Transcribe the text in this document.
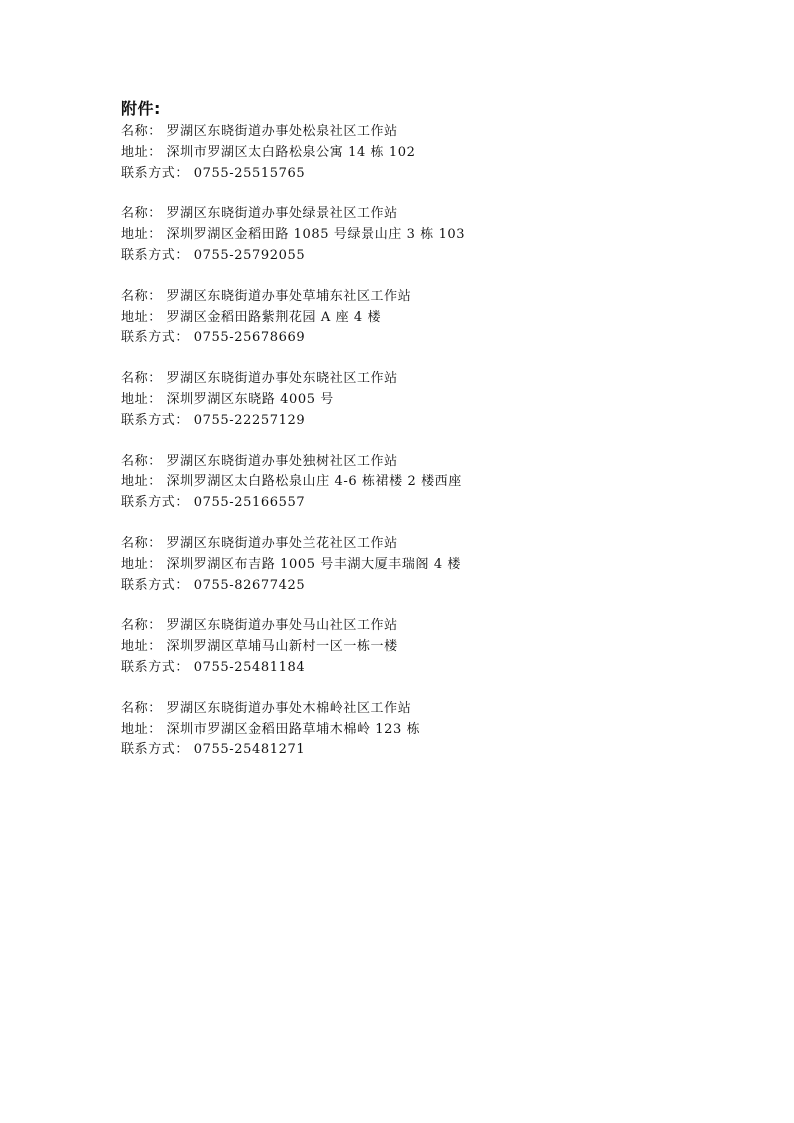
附件:
名称： 罗湖区东晓街道办事处松泉社区工作站
地址： 深圳市罗湖区太白路松泉公寓 14 栋 102
联系方式： 0755-25515765
名称： 罗湖区东晓街道办事处绿景社区工作站
地址： 深圳罗湖区金稻田路 1085 号绿景山庄 3 栋 103
联系方式： 0755-25792055
名称： 罗湖区东晓街道办事处草埔东社区工作站
地址： 罗湖区金稻田路紫荆花园 A 座 4 楼
联系方式： 0755-25678669
名称： 罗湖区东晓街道办事处东晓社区工作站
地址： 深圳罗湖区东晓路 4005 号
联系方式： 0755-22257129
名称： 罗湖区东晓街道办事处独树社区工作站
地址： 深圳罗湖区太白路松泉山庄 4-6 栋裙楼 2 楼西座
联系方式： 0755-25166557
名称： 罗湖区东晓街道办事处兰花社区工作站
地址： 深圳罗湖区布吉路 1005 号丰湖大厦丰瑞阁 4 楼
联系方式： 0755-82677425
名称： 罗湖区东晓街道办事处马山社区工作站
地址： 深圳罗湖区草埔马山新村一区一栋一楼
联系方式： 0755-25481184
名称： 罗湖区东晓街道办事处木棉岭社区工作站
地址： 深圳市罗湖区金稻田路草埔木棉岭 123 栋
联系方式： 0755-25481271
